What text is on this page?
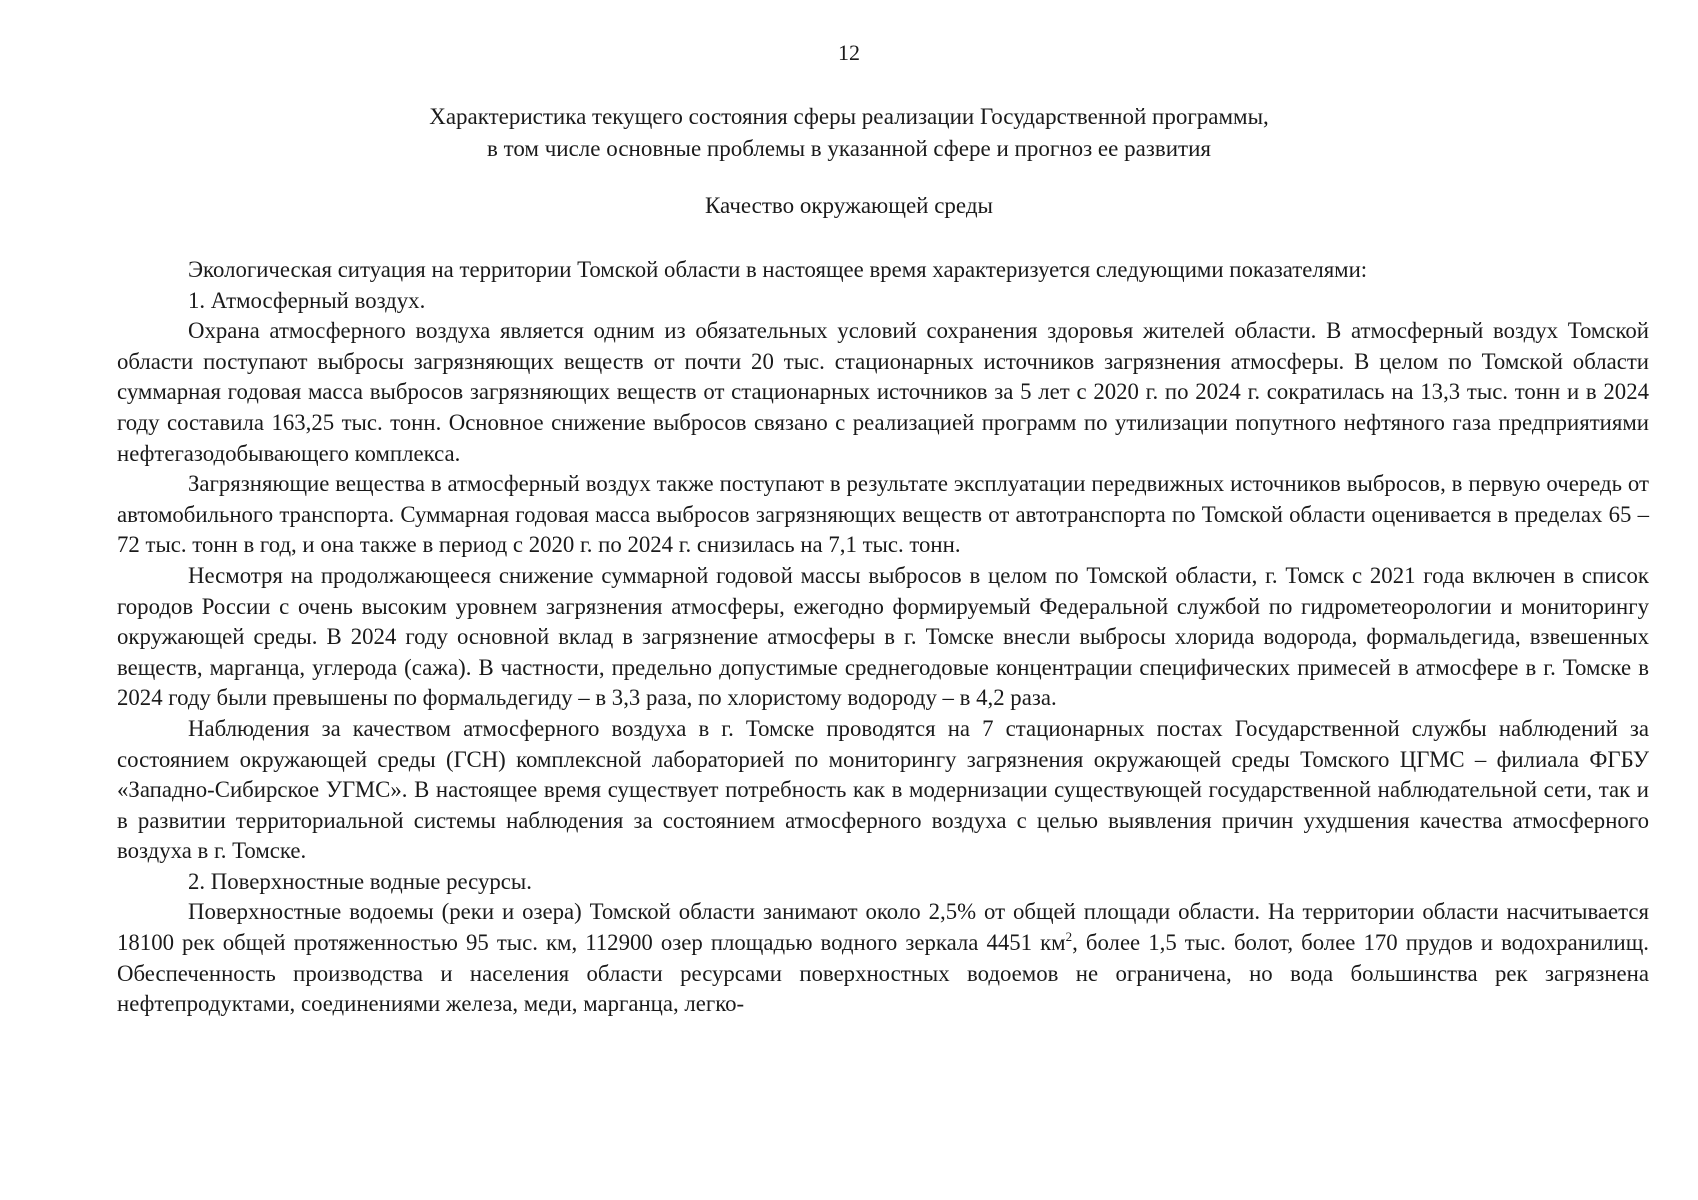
12
Характеристика текущего состояния сферы реализации Государственной программы,
в том числе основные проблемы в указанной сфере и прогноз ее развития
Качество окружающей среды

Экологическая ситуация на территории Томской области в настоящее время характеризуется следующими показателями:

1. Атмосферный воздух.

Охрана атмосферного воздуха является одним из обязательных условий сохранения здоровья жителей области. В атмосферный воздух Томской области поступают выбросы загрязняющих веществ от почти 20 тыс. стационарных источников загрязнения атмосферы. В целом по Томской области суммарная годовая масса выбросов загрязняющих веществ от стационарных источников за 5 лет с 2020 г. по 2024 г. сократилась на 13,3 тыс. тонн и в 2024 году составила 163,25 тыс. тонн. Основное снижение выбросов связано с реализацией программ по утилизации попутного нефтяного газа предприятиями нефтегазодобывающего комплекса.

Загрязняющие вещества в атмосферный воздух также поступают в результате эксплуатации передвижных источников выбросов, в первую очередь от автомобильного транспорта. Суммарная годовая масса выбросов загрязняющих веществ от автотранспорта по Томской области оценивается в пределах 65 – 72 тыс. тонн в год, и она также в период с 2020 г. по 2024 г. снизилась на 7,1 тыс. тонн.

Несмотря на продолжающееся снижение суммарной годовой массы выбросов в целом по Томской области, г. Томск с 2021 года включен в список городов России с очень высоким уровнем загрязнения атмосферы, ежегодно формируемый Федеральной службой по гидрометеорологии и мониторингу окружающей среды. В 2024 году основной вклад в загрязнение атмосферы в г. Томске внесли выбросы хлорида водорода, формальдегида, взвешенных веществ, марганца, углерода (сажа). В частности, предельно допустимые среднегодовые концентрации специфических примесей в атмосфере в г. Томске в 2024 году были превышены по формальдегиду – в 3,3 раза, по хлористому водороду – в 4,2 раза.

Наблюдения за качеством атмосферного воздуха в г. Томске проводятся на 7 стационарных постах Государственной службы наблюдений за состоянием окружающей среды (ГСН) комплексной лабораторией по мониторингу загрязнения окружающей среды Томского ЦГМС – филиала ФГБУ «Западно-Сибирское УГМС». В настоящее время существует потребность как в модернизации существующей государственной наблюдательной сети, так и в развитии территориальной системы наблюдения за состоянием атмосферного воздуха с целью выявления причин ухудшения качества атмосферного воздуха в г. Томске.

2. Поверхностные водные ресурсы.

Поверхностные водоемы (реки и озера) Томской области занимают около 2,5% от общей площади области. На территории области насчитывается 18100 рек общей протяженностью 95 тыс. км, 112900 озер площадью водного зеркала 4451 $км^2$, более 1,5 тыс. болот, более 170 прудов и водохранилищ. Обеспеченность производства и населения области ресурсами поверхностных водоемов не ограничена, но вода большинства рек загрязнена нефтепродуктами, соединениями железа, меди, марганца, легко-
